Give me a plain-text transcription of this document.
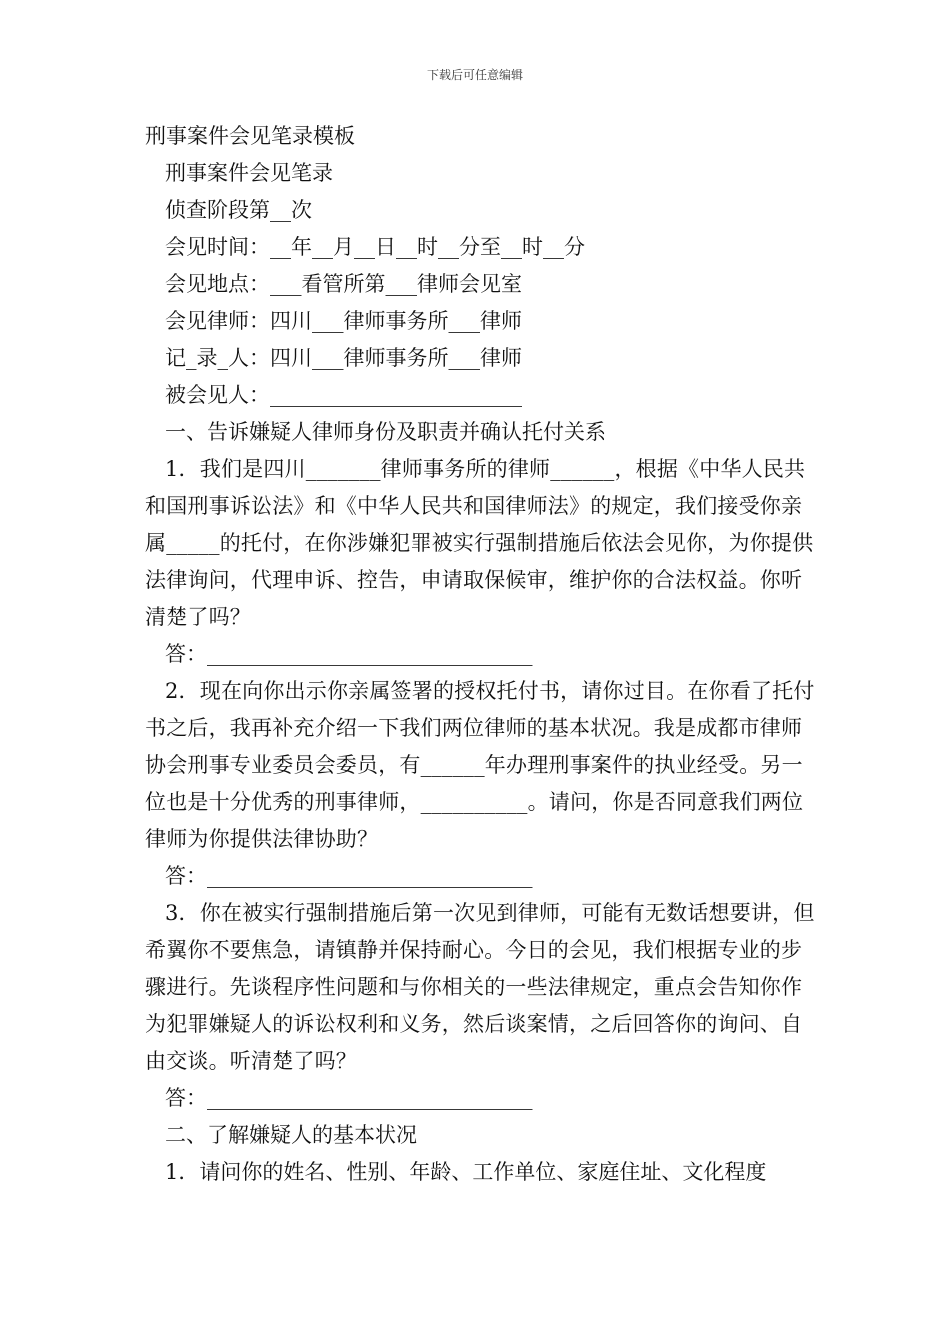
下载后可任意编辑
刑事案件会见笔录模板
刑事案件会见笔录
侦查阶段第__次
会见时间：__年__月__日__时__分至__时__分
会见地点：___看管所第___律师会见室
会见律师：四川___律师事务所___律师
记_录_人：四川___律师事务所___律师
被会见人：________________________
一、告诉嫌疑人律师身份及职责并确认托付关系
1．我们是四川_______律师事务所的律师______，根据《中华人民共和国刑事诉讼法》和《中华人民共和国律师法》的规定，我们接受你亲属_____的托付，在你涉嫌犯罪被实行强制措施后依法会见你，为你提供法律询问，代理申诉、控告，申请取保候审，维护你的合法权益。你听清楚了吗？
答：_______________________________
2．现在向你出示你亲属签署的授权托付书，请你过目。在你看了托付书之后，我再补充介绍一下我们两位律师的基本状况。我是成都市律师协会刑事专业委员会委员，有______年办理刑事案件的执业经受。另一位也是十分优秀的刑事律师，__________。请问，你是否同意我们两位律师为你提供法律协助？
答：_______________________________
3．你在被实行强制措施后第一次见到律师，可能有无数话想要讲，但希翼你不要焦急，请镇静并保持耐心。今日的会见，我们根据专业的步骤进行。先谈程序性问题和与你相关的一些法律规定，重点会告知你作为犯罪嫌疑人的诉讼权利和义务，然后谈案情，之后回答你的询问、自由交谈。听清楚了吗？
答：_______________________________
二、了解嫌疑人的基本状况
1．请问你的姓名、性别、年龄、工作单位、家庭住址、文化程度
